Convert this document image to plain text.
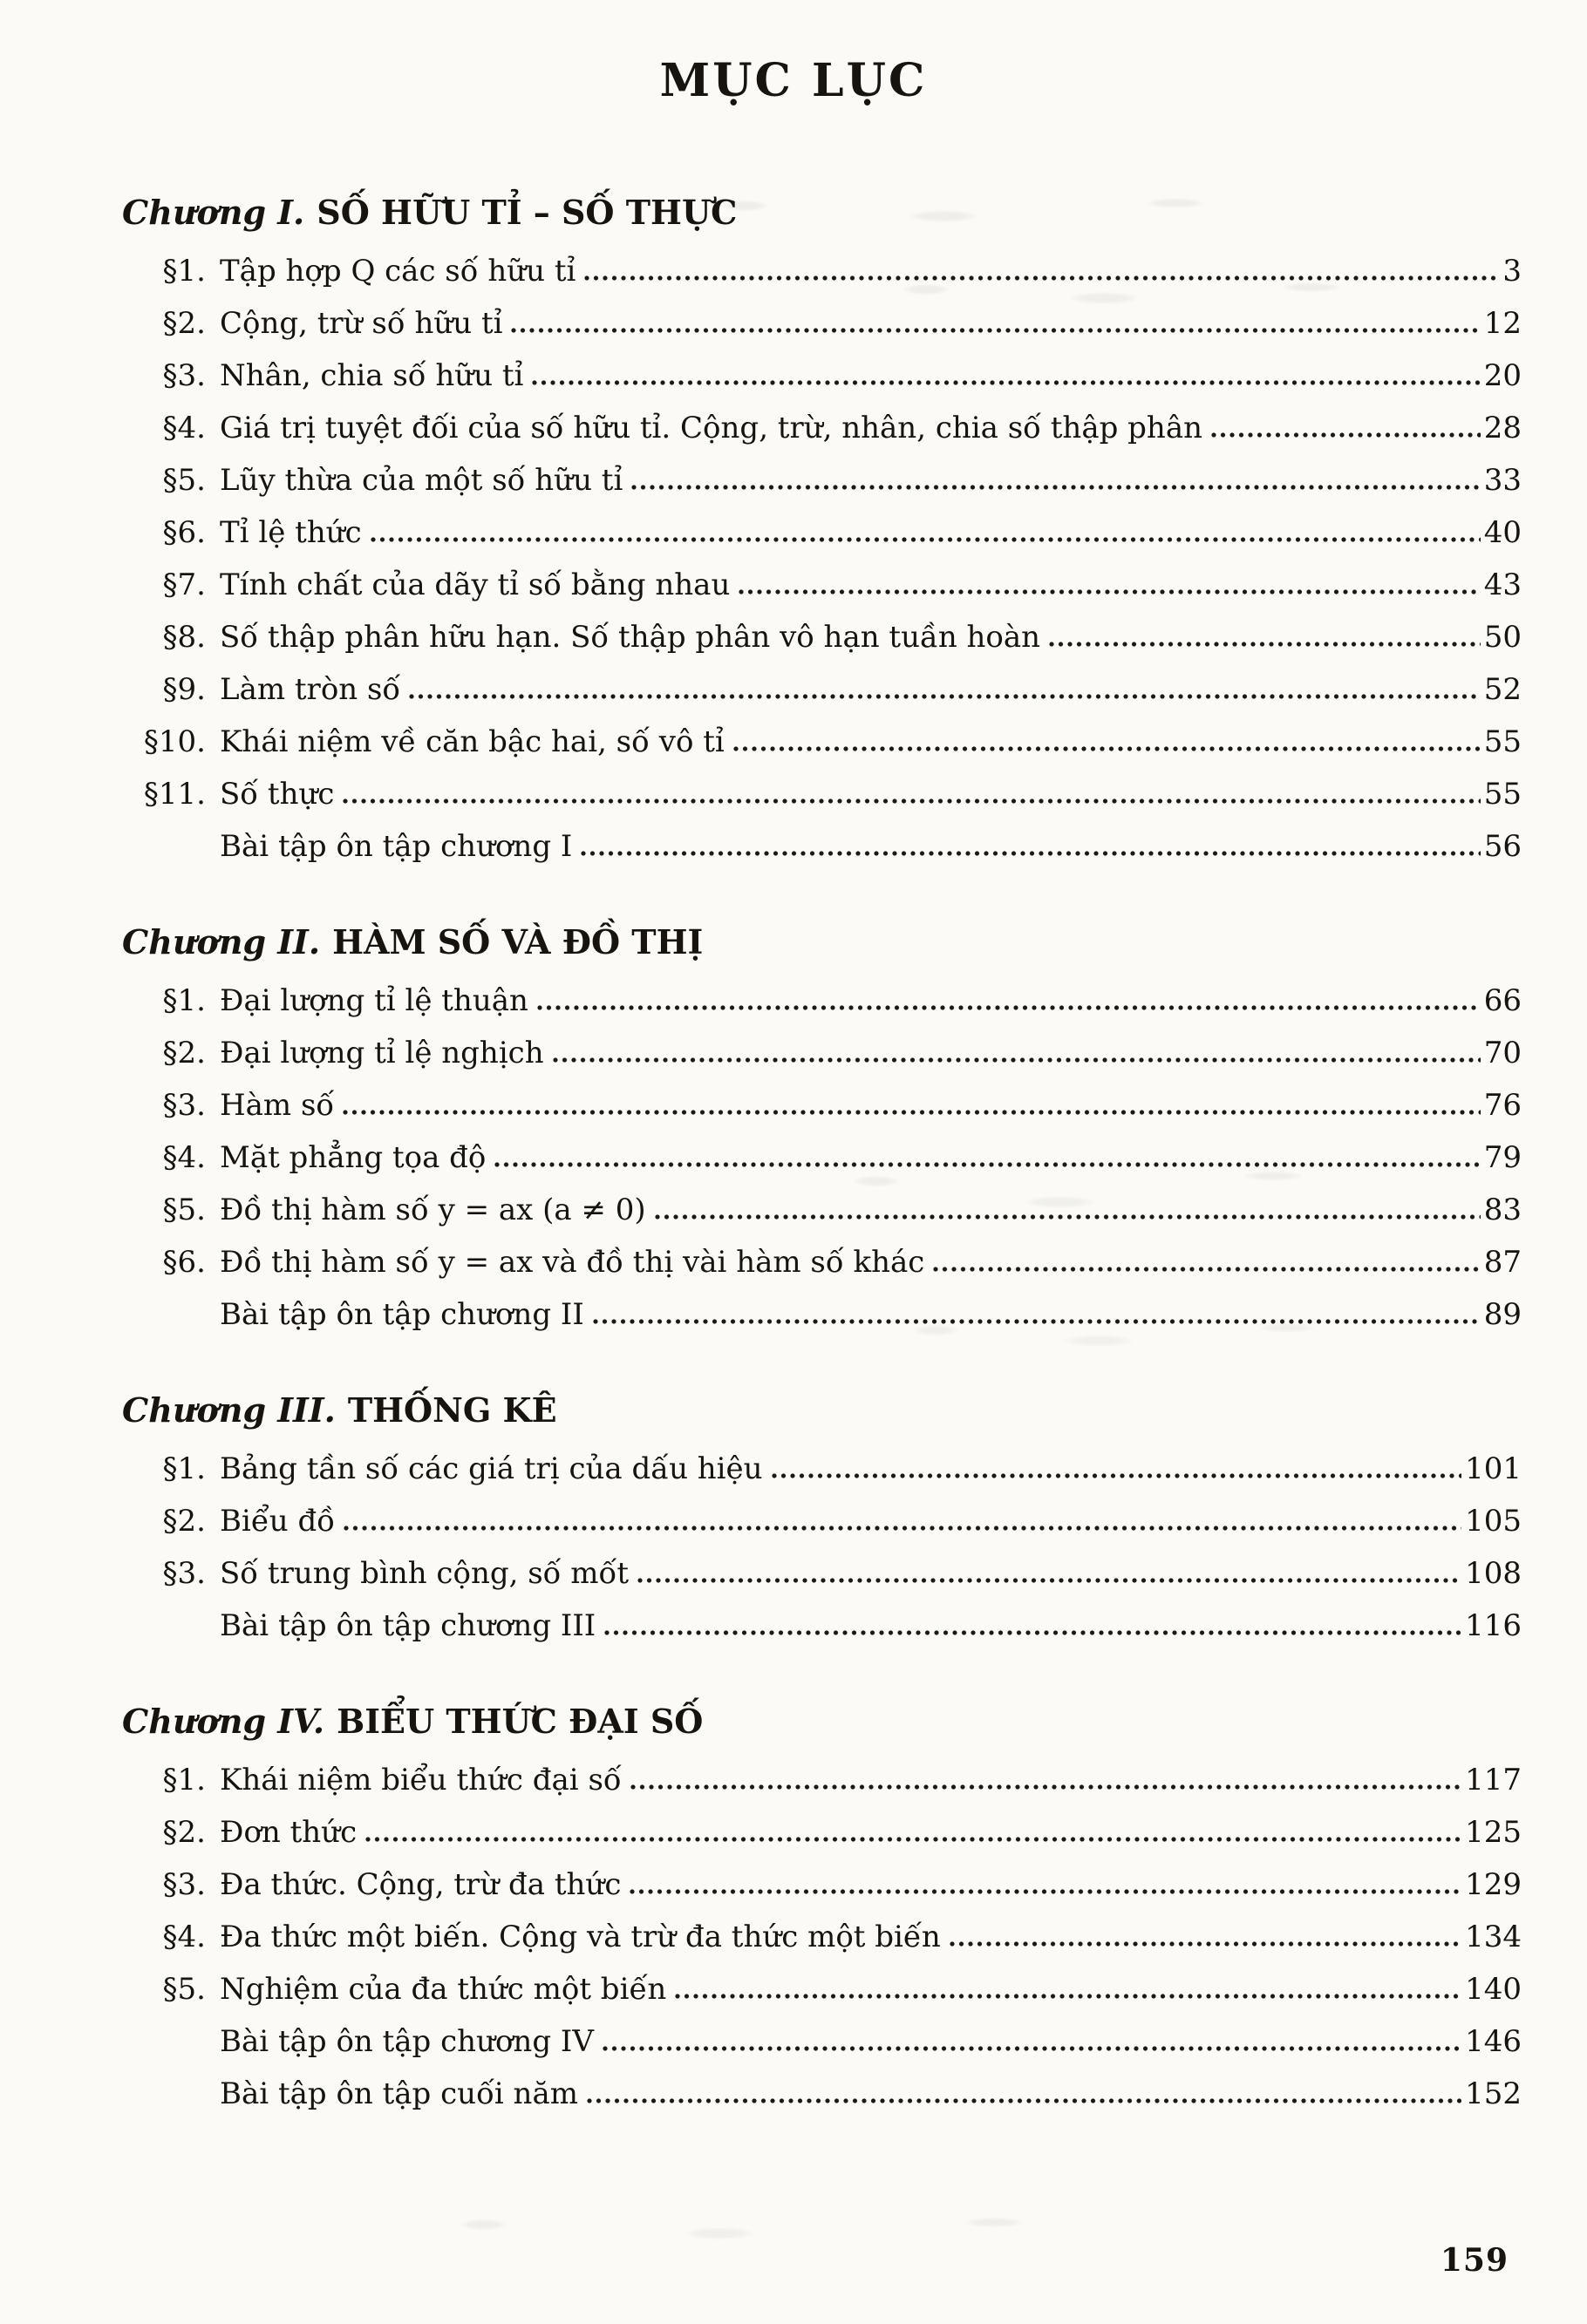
MỤC LỤC
Chương I. SỐ HỮU TỈ – SỐ THỰC
§1. Tập hợp Q các số hữu tỉ	3
§2. Cộng, trừ số hữu tỉ	12
§3. Nhân, chia số hữu tỉ	20
§4. Giá trị tuyệt đối của số hữu tỉ. Cộng, trừ, nhân, chia số thập phân	28
§5. Lũy thừa của một số hữu tỉ	33
§6. Tỉ lệ thức	40
§7. Tính chất của dãy tỉ số bằng nhau	43
§8. Số thập phân hữu hạn. Số thập phân vô hạn tuần hoàn	50
§9. Làm tròn số	52
§10. Khái niệm về căn bậc hai, số vô tỉ	55
§11. Số thực	55
Bài tập ôn tập chương I	56
Chương II. HÀM SỐ VÀ ĐỒ THỊ
§1. Đại lượng tỉ lệ thuận	66
§2. Đại lượng tỉ lệ nghịch	70
§3. Hàm số	76
§4. Mặt phẳng tọa độ	79
§5. Đồ thị hàm số y = ax (a ≠ 0)	83
§6. Đồ thị hàm số y = ax và đồ thị vài hàm số khác	87
Bài tập ôn tập chương II	89
Chương III. THỐNG KÊ
§1. Bảng tần số các giá trị của dấu hiệu	101
§2. Biểu đồ	105
§3. Số trung bình cộng, số mốt	108
Bài tập ôn tập chương III	116
Chương IV. BIỂU THỨC ĐẠI SỐ
§1. Khái niệm biểu thức đại số	117
§2. Đơn thức	125
§3. Đa thức. Cộng, trừ đa thức	129
§4. Đa thức một biến. Cộng và trừ đa thức một biến	134
§5. Nghiệm của đa thức một biến	140
Bài tập ôn tập chương IV	146
Bài tập ôn tập cuối năm	152
159
